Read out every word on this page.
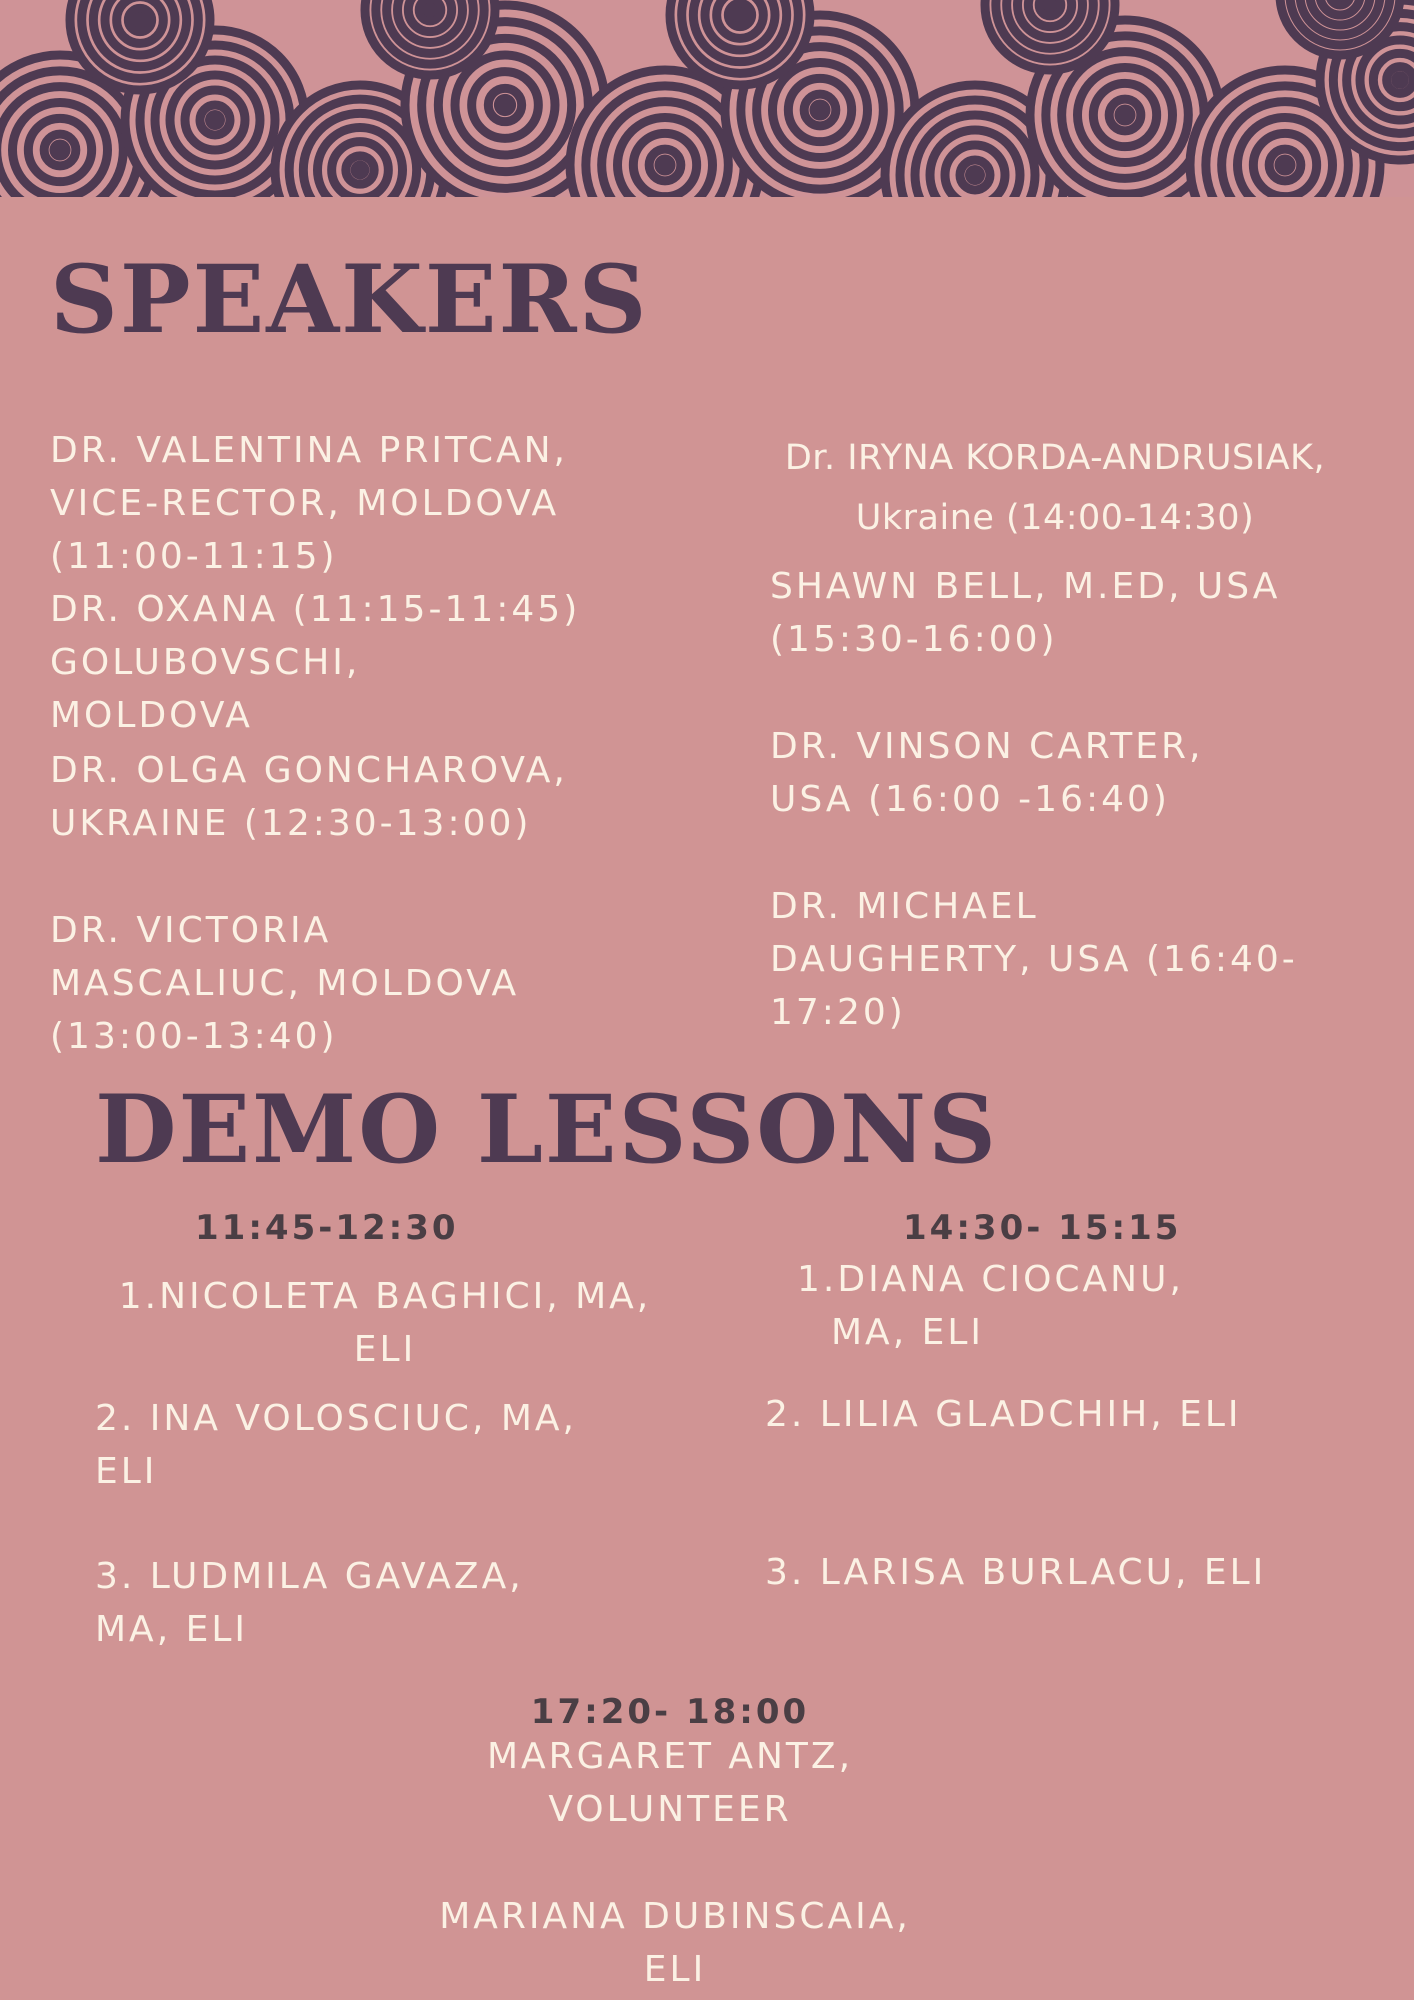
SPEAKERS
DR. VALENTINA PRITCAN,
VICE-RECTOR, MOLDOVA
(11:00-11:15)
DR. OXANA (11:15-11:45)
GOLUBOVSCHI,
MOLDOVA
DR. OLGA GONCHAROVA,
UKRAINE (12:30-13:00)
DR. VICTORIA
MASCALIUC, MOLDOVA
(13:00-13:40)
Dr. IRYNA KORDA-ANDRUSIAK,
Ukraine (14:00-14:30)
SHAWN BELL, M.ED, USA
(15:30-16:00)
DR. VINSON CARTER,
USA (16:00 -16:40)
DR. MICHAEL
DAUGHERTY, USA (16:40-
17:20)
DEMO LESSONS
11:45-12:30	14:30- 15:15
1.NICOLETA BAGHICI, MA,
ELI
2. INA VOLOSCIUC, MA,
ELI
3. LUDMILA GAVAZA,
MA, ELI
1.DIANA CIOCANU,
MA, ELI
2. LILIA GLADCHIH, ELI
3. LARISA BURLACU, ELI
17:20- 18:00
MARGARET ANTZ,
VOLUNTEER
MARIANA DUBINSCAIA,
ELI
